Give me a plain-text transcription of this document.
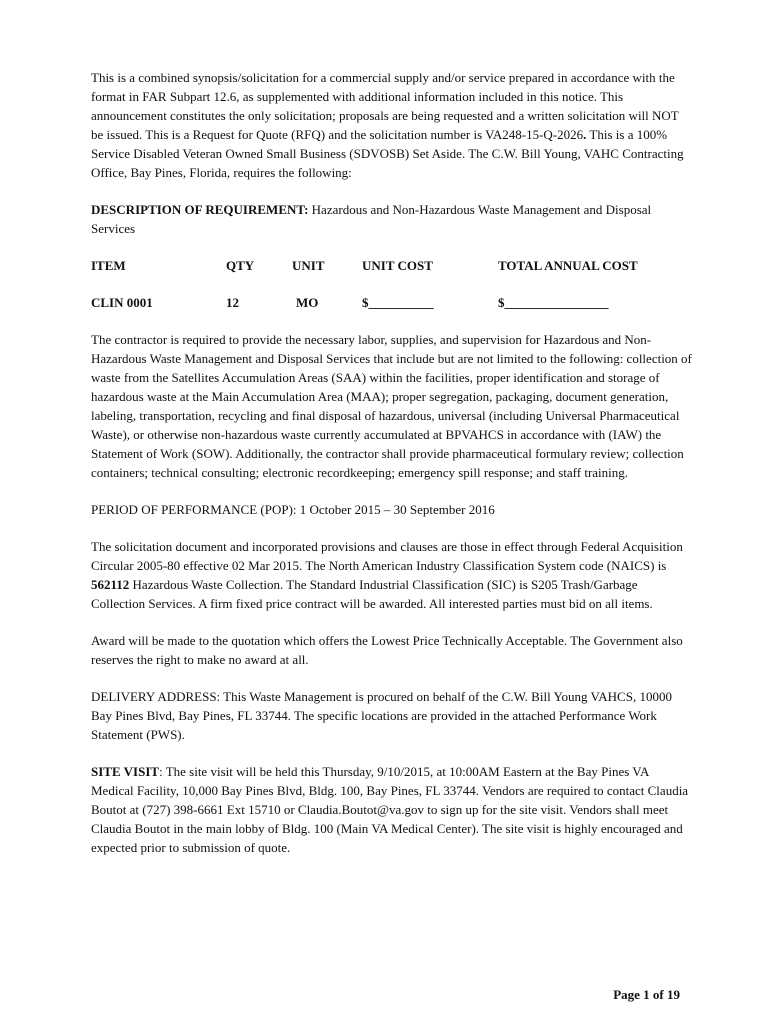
This is a combined synopsis/solicitation for a commercial supply and/or service prepared in accordance with the format in FAR Subpart 12.6, as supplemented with additional information included in this notice. This announcement constitutes the only solicitation; proposals are being requested and a written solicitation will NOT be issued. This is a Request for Quote (RFQ) and the solicitation number is VA248-15-Q-2026. This is a 100% Service Disabled Veteran Owned Small Business (SDVOSB) Set Aside. The C.W. Bill Young, VAHC Contracting Office, Bay Pines, Florida, requires the following:

DESCRIPTION OF REQUIREMENT: Hazardous and Non-Hazardous Waste Management and Disposal Services

ITEM	QTY	UNIT	UNIT COST	TOTAL ANNUAL COST
CLIN 0001	12	MO	$__________	$________________

The contractor is required to provide the necessary labor, supplies, and supervision for Hazardous and Non-Hazardous Waste Management and Disposal Services that include but are not limited to the following: collection of waste from the Satellites Accumulation Areas (SAA) within the facilities, proper identification and storage of hazardous waste at the Main Accumulation Area (MAA); proper segregation, packaging, document generation, labeling, transportation, recycling and final disposal of hazardous, universal (including Universal Pharmaceutical Waste), or otherwise non-hazardous waste currently accumulated at BPVAHCS in accordance with (IAW) the Statement of Work (SOW). Additionally, the contractor shall provide pharmaceutical formulary review; collection containers; technical consulting; electronic recordkeeping; emergency spill response; and staff training.

PERIOD OF PERFORMANCE (POP): 1 October 2015 – 30 September 2016

The solicitation document and incorporated provisions and clauses are those in effect through Federal Acquisition Circular 2005-80 effective 02 Mar 2015. The North American Industry Classification System code (NAICS) is 562112 Hazardous Waste Collection. The Standard Industrial Classification (SIC) is S205 Trash/Garbage Collection Services. A firm fixed price contract will be awarded. All interested parties must bid on all items.

Award will be made to the quotation which offers the Lowest Price Technically Acceptable. The Government also reserves the right to make no award at all.

DELIVERY ADDRESS: This Waste Management is procured on behalf of the C.W. Bill Young VAHCS, 10000 Bay Pines Blvd, Bay Pines, FL 33744. The specific locations are provided in the attached Performance Work Statement (PWS).

SITE VISIT: The site visit will be held this Thursday, 9/10/2015, at 10:00AM Eastern at the Bay Pines VA Medical Facility, 10,000 Bay Pines Blvd, Bldg. 100, Bay Pines, FL 33744. Vendors are required to contact Claudia Boutot at (727) 398-6661 Ext 15710 or Claudia.Boutot@va.gov to sign up for the site visit. Vendors shall meet Claudia Boutot in the main lobby of Bldg. 100 (Main VA Medical Center). The site visit is highly encouraged and expected prior to submission of quote.

Page 1 of 19
